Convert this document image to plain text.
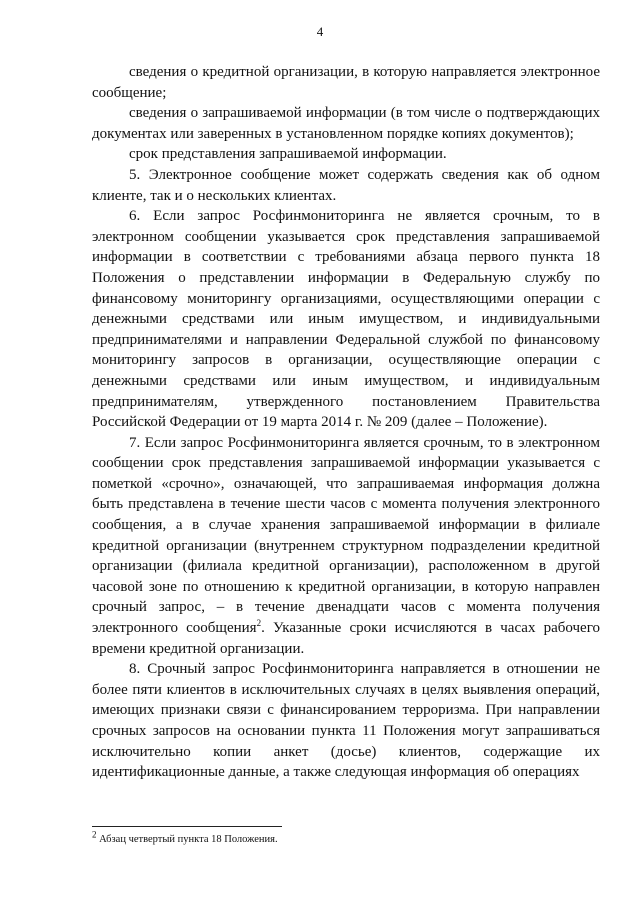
4

сведения о кредитной организации, в которую направляется электронное сообщение;

сведения о запрашиваемой информации (в том числе о подтверждающих документах или заверенных в установленном порядке копиях документов);

срок представления запрашиваемой информации.

5. Электронное сообщение может содержать сведения как об одном клиенте, так и о нескольких клиентах.

6. Если запрос Росфинмониторинга не является срочным, то в электронном сообщении указывается срок представления запрашиваемой информации в соответствии с требованиями абзаца первого пункта 18 Положения о представлении информации в Федеральную службу по финансовому мониторингу организациями, осуществляющими операции с денежными средствами или иным имуществом, и индивидуальными предпринимателями и направлении Федеральной службой по финансовому мониторингу запросов в организации, осуществляющие операции с денежными средствами или иным имуществом, и индивидуальным предпринимателям, утвержденного постановлением Правительства Российской Федерации от 19 марта 2014 г. № 209 (далее – Положение).

7. Если запрос Росфинмониторинга является срочным, то в электронном сообщении срок представления запрашиваемой информации указывается с пометкой «срочно», означающей, что запрашиваемая информация должна быть представлена в течение шести часов с момента получения электронного сообщения, а в случае хранения запрашиваемой информации в филиале кредитной организации (внутреннем структурном подразделении кредитной организации (филиала кредитной организации), расположенном в другой часовой зоне по отношению к кредитной организации, в которую направлен срочный запрос, – в течение двенадцати часов с момента получения электронного сообщения$^2$. Указанные сроки исчисляются в часах рабочего времени кредитной организации.

8. Срочный запрос Росфинмониторинга направляется в отношении не более пяти клиентов в исключительных случаях в целях выявления операций, имеющих признаки связи с финансированием терроризма. При направлении срочных запросов на основании пункта 11 Положения могут запрашиваться исключительно копии анкет (досье) клиентов, содержащие их идентификационные данные, а также следующая информация об операциях

$^2$ Абзац четвертый пункта 18 Положения.
